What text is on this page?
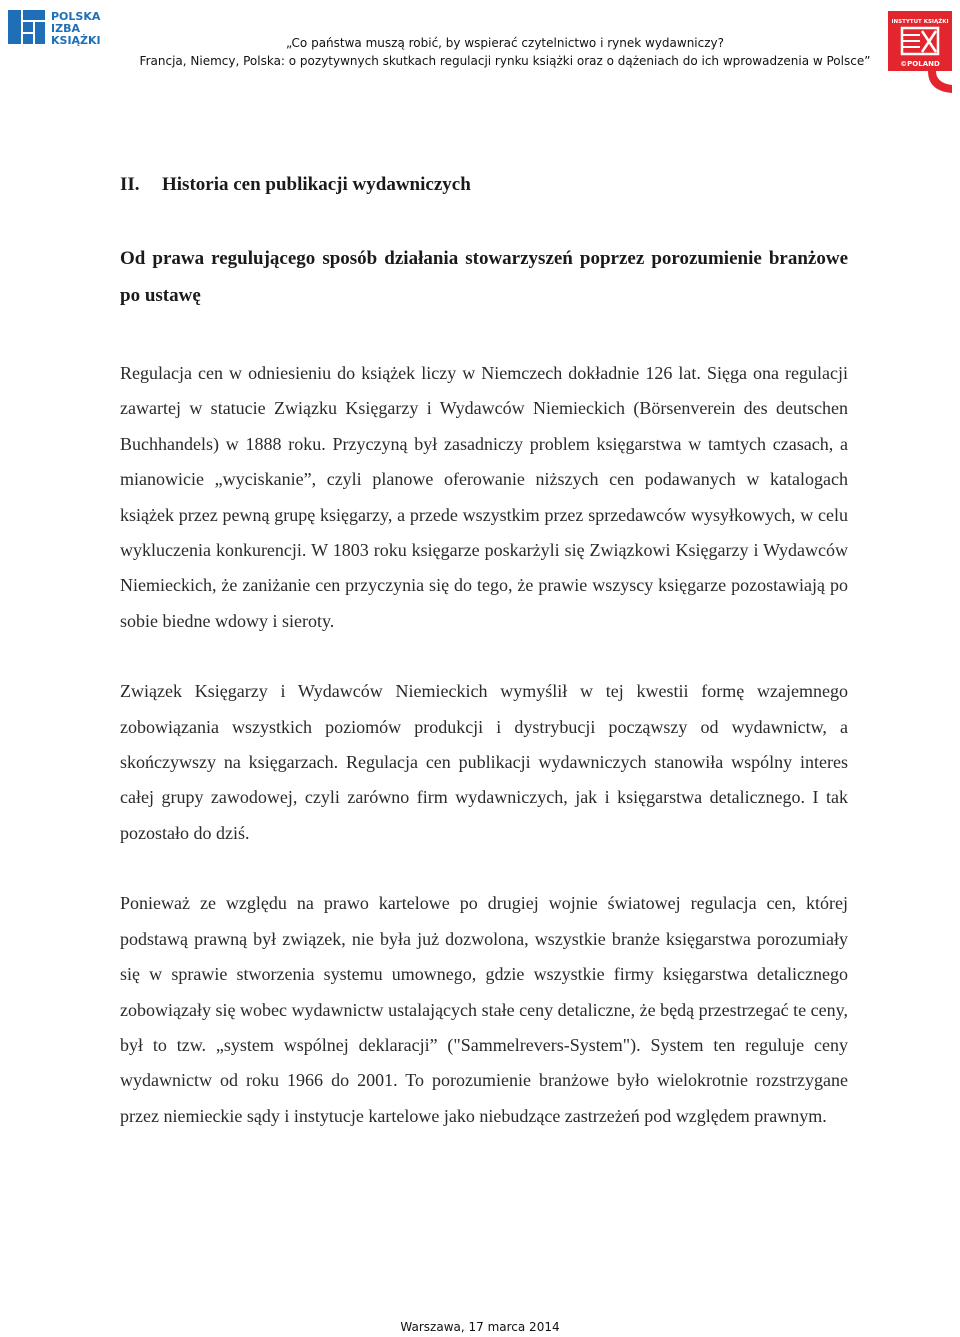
POLSKA
IZBA
KSIĄŻKI	„Co państwa muszą robić, by wspierać czytelnictwo i rynek wydawniczy?
Francja, Niemcy, Polska: o pozytywnych skutkach regulacji rynku książki oraz o dążeniach do ich wprowadzenia w Polsce”
INSTYTUT KSIĄŻKI
©POLAND
II. Historia cen publikacji wydawniczych
Od prawa regulującego sposób działania stowarzyszeń poprzez porozumienie branżowe po ustawę

Regulacja cen w odniesieniu do książek liczy w Niemczech dokładnie 126 lat. Sięga ona regulacji zawartej w statucie Związku Księgarzy i Wydawców Niemieckich (Börsenverein des deutschen Buchhandels) w 1888 roku. Przyczyną był zasadniczy problem księgarstwa w tamtych czasach, a mianowicie „wyciskanie”, czyli planowe oferowanie niższych cen podawanych w katalogach książek przez pewną grupę księgarzy, a przede wszystkim przez sprzedawców wysyłkowych, w celu wykluczenia konkurencji. W 1803 roku księgarze poskarżyli się Związkowi Księgarzy i Wydawców Niemieckich, że zaniżanie cen przyczynia się do tego, że prawie wszyscy księgarze pozostawiają po sobie biedne wdowy i sieroty.

Związek Księgarzy i Wydawców Niemieckich wymyślił w tej kwestii formę wzajemnego zobowiązania wszystkich poziomów produkcji i dystrybucji począwszy od wydawnictw, a skończywszy na księgarzach. Regulacja cen publikacji wydawniczych stanowiła wspólny interes całej grupy zawodowej, czyli zarówno firm wydawniczych, jak i księgarstwa detalicznego. I tak pozostało do dziś.

Ponieważ ze względu na prawo kartelowe po drugiej wojnie światowej regulacja cen, której podstawą prawną był związek, nie była już dozwolona, wszystkie branże księgarstwa porozumiały się w sprawie stworzenia systemu umownego, gdzie wszystkie firmy księgarstwa detalicznego zobowiązały się wobec wydawnictw ustalających stałe ceny detaliczne, że będą przestrzegać te ceny, był to tzw. „system wspólnej deklaracji” ("Sammelrevers-System"). System ten reguluje ceny wydawnictw od roku 1966 do 2001. To porozumienie branżowe było wielokrotnie rozstrzygane przez niemieckie sądy i instytucje kartelowe jako niebudzące zastrzeżeń pod względem prawnym.

Warszawa, 17 marca 2014
